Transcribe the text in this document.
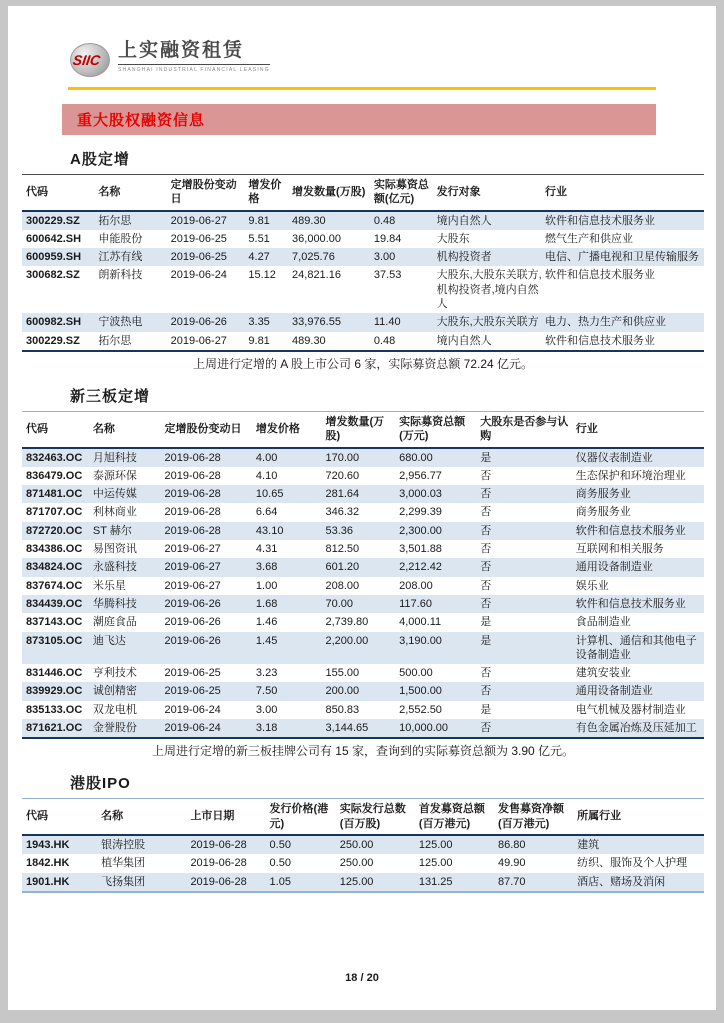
SIIC 上实融资租赁
SHANGHAI INDUSTRIAL FINANCIAL LEASING
重大股权融资信息
A股定增
代码	名称	定增股份变动日	增发价格	增发数量(万股)	实际募资总额(亿元)	发行对象	行业
300229.SZ	拓尔思	2019-06-27	9.81	489.30	0.48	境内自然人	软件和信息技术服务业
600642.SH	申能股份	2019-06-25	5.51	36,000.00	19.84	大股东	燃气生产和供应业
600959.SH	江苏有线	2019-06-25	4.27	7,025.76	3.00	机构投资者	电信、广播电视和卫星传输服务
300682.SZ	朗新科技	2019-06-24	15.12	24,821.16	37.53	大股东,大股东关联方,机构投资者,境内自然人	软件和信息技术服务业
600982.SH	宁波热电	2019-06-26	3.35	33,976.55	11.40	大股东,大股东关联方	电力、热力生产和供应业
300229.SZ	拓尔思	2019-06-27	9.81	489.30	0.48	境内自然人	软件和信息技术服务业

上周进行定增的 A 股上市公司 6 家，实际募资总额 72.24 亿元。

新三板定增
代码	名称	定增股份变动日	增发价格	增发数量(万股)	实际募资总额(万元)	大股东是否参与认购	行业
832463.OC	月旭科技	2019-06-28	4.00	170.00	680.00	是	仪器仪表制造业
836479.OC	泰源环保	2019-06-28	4.10	720.60	2,956.77	否	生态保护和环境治理业
871481.OC	中运传媒	2019-06-28	10.65	281.64	3,000.03	否	商务服务业
871707.OC	利林商业	2019-06-28	6.64	346.32	2,299.39	否	商务服务业
872720.OC	ST 赫尔	2019-06-28	43.10	53.36	2,300.00	否	软件和信息技术服务业
834386.OC	易图资讯	2019-06-27	4.31	812.50	3,501.88	否	互联网和相关服务
834824.OC	永盛科技	2019-06-27	3.68	601.20	2,212.42	否	通用设备制造业
837674.OC	米乐星	2019-06-27	1.00	208.00	208.00	否	娱乐业
834439.OC	华腾科技	2019-06-26	1.68	70.00	117.60	否	软件和信息技术服务业
837143.OC	潮庭食品	2019-06-26	1.46	2,739.80	4,000.11	是	食品制造业
873105.OC	迪飞达	2019-06-26	1.45	2,200.00	3,190.00	是	计算机、通信和其他电子设备制造业
831446.OC	亨利技术	2019-06-25	3.23	155.00	500.00	否	建筑安装业
839929.OC	诚创精密	2019-06-25	7.50	200.00	1,500.00	否	通用设备制造业
835133.OC	双龙电机	2019-06-24	3.00	850.83	2,552.50	是	电气机械及器材制造业
871621.OC	金誉股份	2019-06-24	3.18	3,144.65	10,000.00	否	有色金属冶炼及压延加工

上周进行定增的新三板挂牌公司有 15 家，查询到的实际募资总额为 3.90 亿元。

港股IPO
代码	名称	上市日期	发行价格(港元)	实际发行总数(百万股)	首发募资总额(百万港元)	发售募资净额(百万港元)	所属行业
1943.HK	银涛控股	2019-06-28	0.50	250.00	125.00	86.80	建筑
1842.HK	植华集团	2019-06-28	0.50	250.00	125.00	49.90	纺织、服饰及个人护理
1901.HK	飞扬集团	2019-06-28	1.05	125.00	131.25	87.70	酒店、赌场及消闲
18 / 20
